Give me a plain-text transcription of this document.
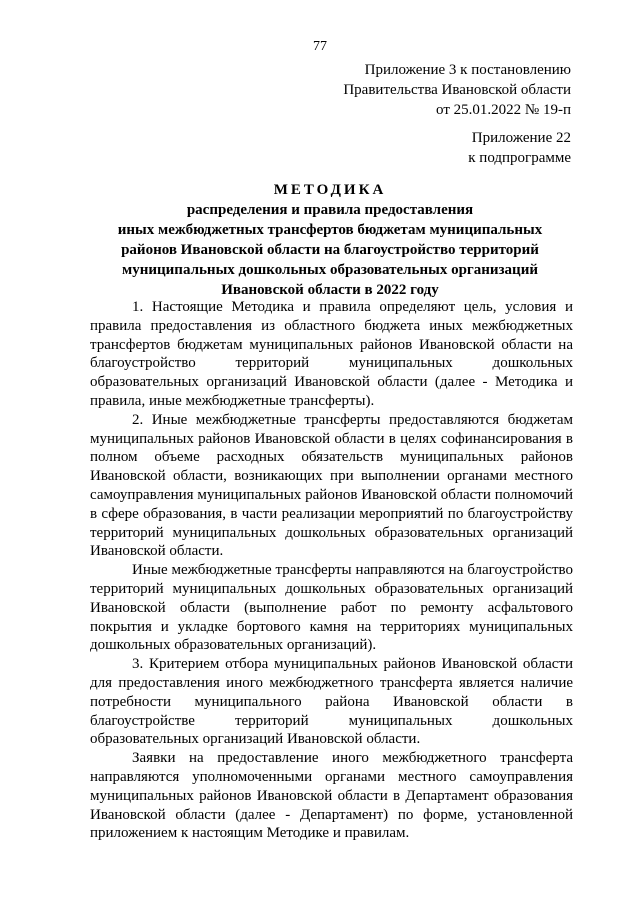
77
Приложение 3 к постановлению
Правительства Ивановской области
от 25.01.2022 № 19-п
Приложение 22
к подпрограмме
МЕТОДИКА
распределения и правила предоставления
иных межбюджетных трансфертов бюджетам муниципальных
районов Ивановской области на благоустройство территорий
муниципальных дошкольных образовательных организаций
Ивановской области в 2022 году

1. Настоящие Методика и правила определяют цель, условия и правила предоставления из областного бюджета иных межбюджетных трансфертов бюджетам муниципальных районов Ивановской области на благоустройство территорий муниципальных дошкольных образовательных организаций Ивановской области (далее - Методика и правила, иные межбюджетные трансферты).

2. Иные межбюджетные трансферты предоставляются бюджетам муниципальных районов Ивановской области в целях софинансирования в полном объеме расходных обязательств муниципальных районов Ивановской области, возникающих при выполнении органами местного самоуправления муниципальных районов Ивановской области полномочий в сфере образования, в части реализации мероприятий по благоустройству территорий муниципальных дошкольных образовательных организаций Ивановской области.

Иные межбюджетные трансферты направляются на благоустройство территорий муниципальных дошкольных образовательных организаций Ивановской области (выполнение работ по ремонту асфальтового покрытия и укладке бортового камня на территориях муниципальных дошкольных образовательных организаций).

3. Критерием отбора муниципальных районов Ивановской области для предоставления иного межбюджетного трансферта является наличие потребности муниципального района Ивановской области в благоустройстве территорий муниципальных дошкольных образовательных организаций Ивановской области.

Заявки на предоставление иного межбюджетного трансферта направляются уполномоченными органами местного самоуправления муниципальных районов Ивановской области в Департамент образования Ивановской области (далее - Департамент) по форме, установленной приложением к настоящим Методике и правилам.
